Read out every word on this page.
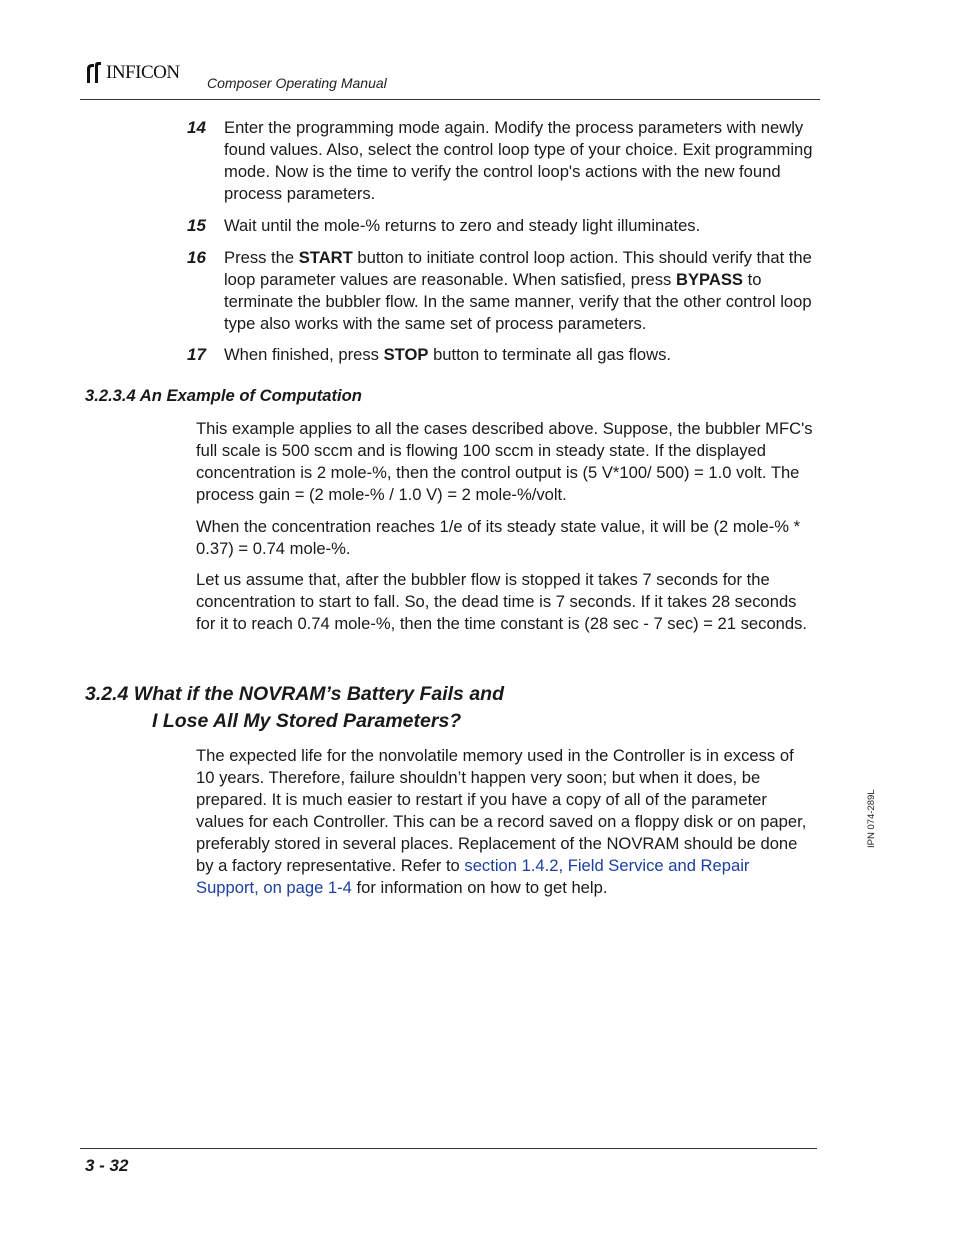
INFICON Composer Operating Manual
14 Enter the programming mode again. Modify the process parameters with newly found values. Also, select the control loop type of your choice. Exit programming mode. Now is the time to verify the control loop's actions with the new found process parameters.
15 Wait until the mole-% returns to zero and steady light illuminates.
16 Press the START button to initiate control loop action. This should verify that the loop parameter values are reasonable. When satisfied, press BYPASS to terminate the bubbler flow. In the same manner, verify that the other control loop type also works with the same set of process parameters.
17 When finished, press STOP button to terminate all gas flows.
3.2.3.4 An Example of Computation

This example applies to all the cases described above. Suppose, the bubbler MFC's full scale is 500 sccm and is flowing 100 sccm in steady state. If the displayed concentration is 2 mole-%, then the control output is (5 V*100/ 500) = 1.0 volt. The process gain = (2 mole-% / 1.0 V) = 2 mole-%/volt.

When the concentration reaches 1/e of its steady state value, it will be (2 mole-% * 0.37) = 0.74 mole-%.

Let us assume that, after the bubbler flow is stopped it takes 7 seconds for the concentration to start to fall. So, the dead time is 7 seconds. If it takes 28 seconds for it to reach 0.74 mole-%, then the time constant is (28 sec - 7 sec) = 21 seconds.

3.2.4 What if the NOVRAM’s Battery Fails and
I Lose All My Stored Parameters?

The expected life for the nonvolatile memory used in the Controller is in excess of 10 years. Therefore, failure shouldn’t happen very soon; but when it does, be prepared. It is much easier to restart if you have a copy of all of the parameter values for each Controller. This can be a record saved on a floppy disk or on paper, preferably stored in several places. Replacement of the NOVRAM should be done by a factory representative. Refer to section 1.4.2, Field Service and Repair Support, on page 1-4 for information on how to get help.

IPN 074-289L
3 - 32
